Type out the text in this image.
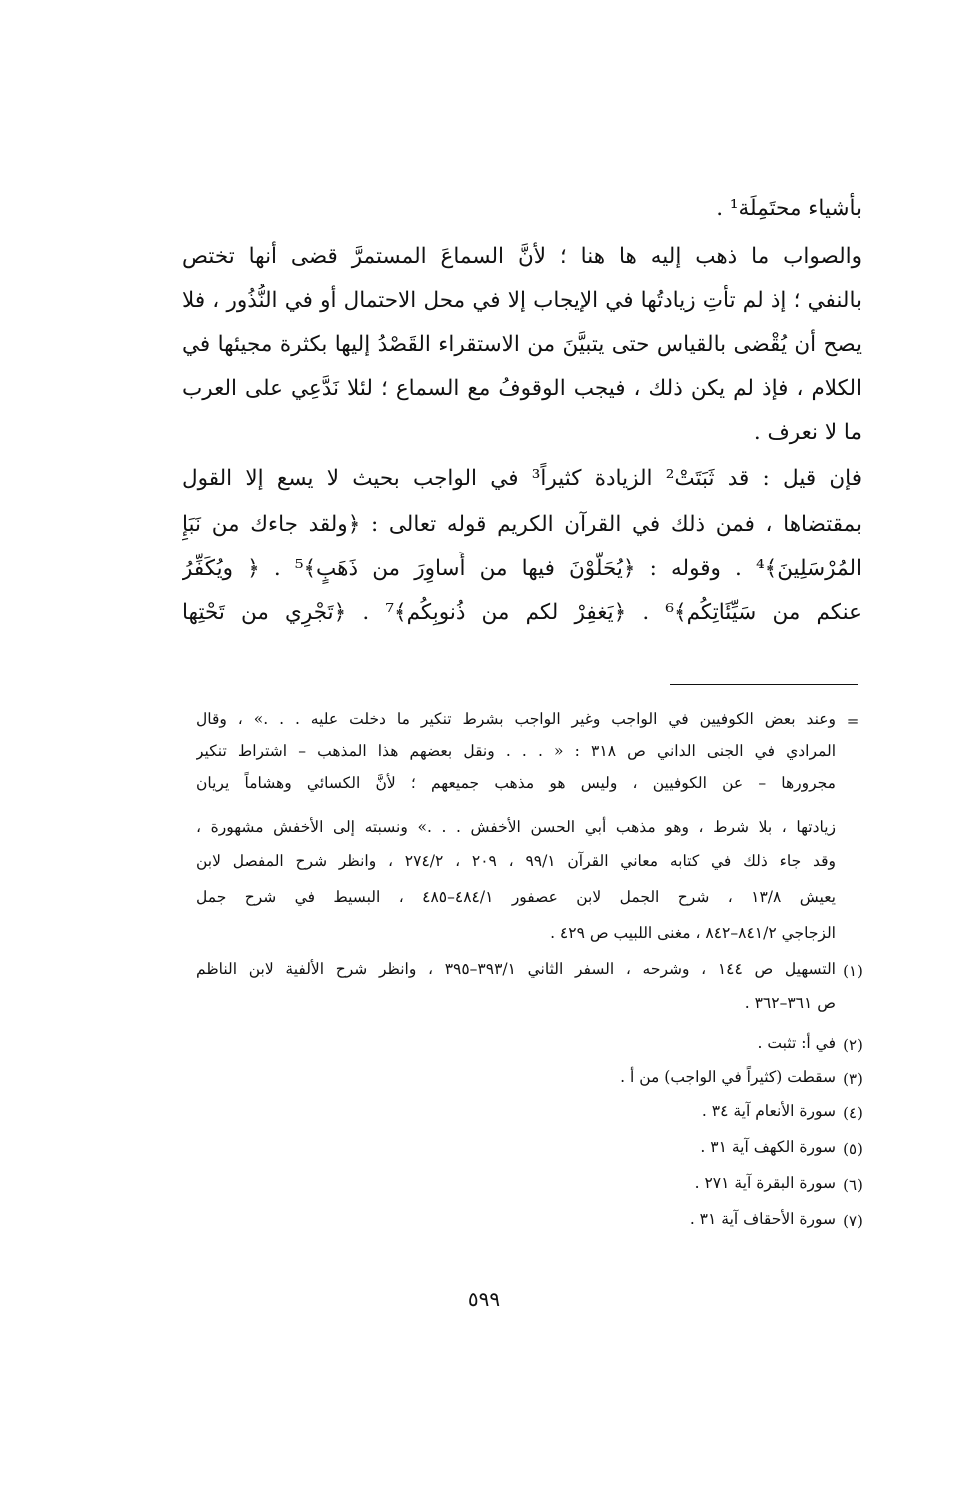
بأشياء محتَمِلَة¹ .
والصواب ما ذهب إليه ها هنا ؛ لأنَّ السماعَ المستمرَّ قضى أنها تختص
بالنفي ؛ إذ لم تأتِ زيادتُها في الإيجاب إلا في محل الاحتمال أو في النُّذُور ، فلا
يصح أن يُقْضى بالقياس حتى يتبيَّنَ من الاستقراء القَصْدُ إليها بكثرة مجيئها في
الكلام ، فإذ لم يكن ذلك ، فيجب الوقوفُ مع السماع ؛ لئلا نَدَّعِي على العرب
ما لا نعرف .
فإن قيل : قد ثَبَتَتْ² الزيادة كثيراً³ في الواجب بحيث لا يسع إلا القول
بمقتضاها ، فمن ذلك في القرآن الكريم قوله تعالى : ﴿ولقد جاءك من نَبَإِ
المُرْسَلِينَ﴾⁴ . وقوله : ﴿يُحَلَّوْنَ فيها من أَساوِرَ من ذَهَبٍ﴾⁵ . ﴿ ويُكَفِّرُ
عنكم من سَيِّئَاتِكُم﴾⁶ . ﴿يَغفِرْ لكم من ذُنوبِكُم﴾⁷ . ﴿تَجْرِي من تَحْتِها
=
وعند بعض الكوفيين في الواجب وغير الواجب بشرط تنكير ما دخلت عليه . . .» ، وقال
المرادي في الجنى الداني ص ٣١٨ : « . . . ونقل بعضهم هذا المذهب – اشتراط تنكير
مجرورها – عن الكوفيين ، وليس هو مذهب جميعهم ؛ لأنَّ الكسائي وهشاماً يريان
زيادتها ، بلا شرط ، وهو مذهب أبي الحسن الأخفش . . .» ونسبته إلى الأخفش مشهورة ،
وقد جاء ذلك في كتابه معاني القرآن ٩٩/١ ، ٢٠٩ ، ٢٧٤/٢ ، وانظر شرح المفصل لابن
يعيش ١٣/٨ ، شرح الجمل لابن عصفور ٤٨٤/١–٤٨٥ ، البسيط في شرح جمل
الزجاجي ٨٤١/٢–٨٤٢ ، مغنى اللبيب ص ٤٢٩ .
(١)
التسهيل ص ١٤٤ ، وشرحه ، السفر الثاني ٣٩٣/١–٣٩٥ ، وانظر شرح الألفية لابن الناظم
ص ٣٦١–٣٦٢ .
(٢)
في أ: تثبت .
(٣)
سقطت (كثيراً في الواجب) من أ .
(٤)
سورة الأنعام آية ٣٤ .
(٥)
سورة الكهف آية ٣١ .
(٦)
سورة البقرة آية ٢٧١ .
(٧)
سورة الأحقاف آية ٣١ .
٥٩٩
